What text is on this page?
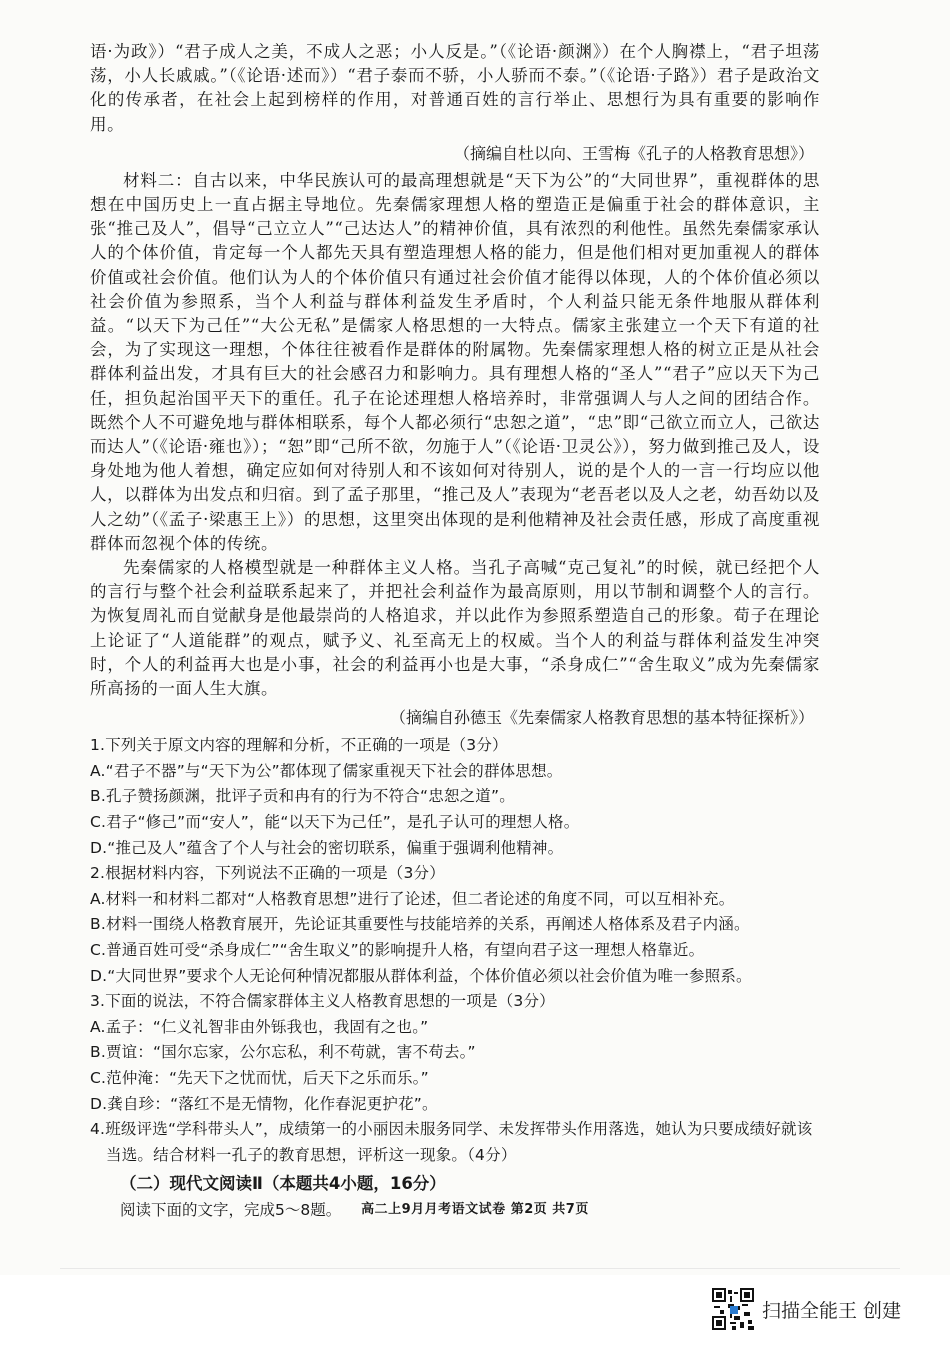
语·为政》）“君子成人之美，不成人之恶；小人反是。”（《论语·颜渊》）在个人胸襟上，“君子坦荡荡，小人长戚戚。”（《论语·述而》）“君子泰而不骄，小人骄而不泰。”（《论语·子路》）君子是政治文化的传承者，在社会上起到榜样的作用，对普通百姓的言行举止、思想行为具有重要的影响作用。

（摘编自杜以向、王雪梅《孔子的人格教育思想》）

材料二：自古以来，中华民族认可的最高理想就是“天下为公”的“大同世界”，重视群体的思想在中国历史上一直占据主导地位。先秦儒家理想人格的塑造正是偏重于社会的群体意识，主张“推己及人”，倡导“己立立人”“己达达人”的精神价值，具有浓烈的利他性。虽然先秦儒家承认人的个体价值，肯定每一个人都先天具有塑造理想人格的能力，但是他们相对更加重视人的群体价值或社会价值。他们认为人的个体价值只有通过社会价值才能得以体现，人的个体价值必须以社会价值为参照系，当个人利益与群体利益发生矛盾时，个人利益只能无条件地服从群体利益。“以天下为己任”“大公无私”是儒家人格思想的一大特点。儒家主张建立一个天下有道的社会，为了实现这一理想，个体往往被看作是群体的附属物。先秦儒家理想人格的树立正是从社会群体利益出发，才具有巨大的社会感召力和影响力。具有理想人格的“圣人”“君子”应以天下为己任，担负起治国平天下的重任。孔子在论述理想人格培养时，非常强调人与人之间的团结合作。既然个人不可避免地与群体相联系，每个人都必须行“忠恕之道”，“忠”即“己欲立而立人，己欲达而达人”（《论语·雍也》）；“恕”即“己所不欲，勿施于人”（《论语·卫灵公》），努力做到推己及人，设身处地为他人着想，确定应如何对待别人和不该如何对待别人，说的是个人的一言一行均应以他人，以群体为出发点和归宿。到了孟子那里，“推己及人”表现为“老吾老以及人之老，幼吾幼以及人之幼”（《孟子·梁惠王上》）的思想，这里突出体现的是利他精神及社会责任感，形成了高度重视群体而忽视个体的传统。

先秦儒家的人格模型就是一种群体主义人格。当孔子高喊“克己复礼”的时候，就已经把个人的言行与整个社会利益联系起来了，并把社会利益作为最高原则，用以节制和调整个人的言行。为恢复周礼而自觉献身是他最崇尚的人格追求，并以此作为参照系塑造自己的形象。荀子在理论上论证了“人道能群”的观点，赋予义、礼至高无上的权威。当个人的利益与群体利益发生冲突时，个人的利益再大也是小事，社会的利益再小也是大事，“杀身成仁”“舍生取义”成为先秦儒家所高扬的一面人生大旗。

（摘编自孙德玉《先秦儒家人格教育思想的基本特征探析》）

1.下列关于原文内容的理解和分析，不正确的一项是（3分）

A.“君子不器”与“天下为公”都体现了儒家重视天下社会的群体思想。

B.孔子赞扬颜渊，批评子贡和冉有的行为不符合“忠恕之道”。

C.君子“修己”而“安人”，能“以天下为己任”，是孔子认可的理想人格。

D.“推己及人”蕴含了个人与社会的密切联系，偏重于强调利他精神。

2.根据材料内容，下列说法不正确的一项是（3分）

A.材料一和材料二都对“人格教育思想”进行了论述，但二者论述的角度不同，可以互相补充。

B.材料一围绕人格教育展开，先论证其重要性与技能培养的关系，再阐述人格体系及君子内涵。

C.普通百姓可受“杀身成仁”“舍生取义”的影响提升人格，有望向君子这一理想人格靠近。

D.“大同世界”要求个人无论何种情况都服从群体利益，个体价值必须以社会价值为唯一参照系。

3.下面的说法，不符合儒家群体主义人格教育思想的一项是（3分）

A.孟子：“仁义礼智非由外铄我也，我固有之也。”

B.贾谊：“国尔忘家，公尔忘私，利不苟就，害不苟去。”

C.范仲淹：“先天下之忧而忧，后天下之乐而乐。”

D.龚自珍：“落红不是无情物，化作春泥更护花”。

4.班级评选“学科带头人”，成绩第一的小丽因未服务同学、未发挥带头作用落选，她认为只要成绩好就该当选。结合材料一孔子的教育思想，评析这一现象。（4分）

（二）现代文阅读Ⅱ（本题共4小题，16分）
阅读下面的文字，完成5～8题。	高二上9月月考语文试卷 第2页 共7页
扫描全能王 创建
